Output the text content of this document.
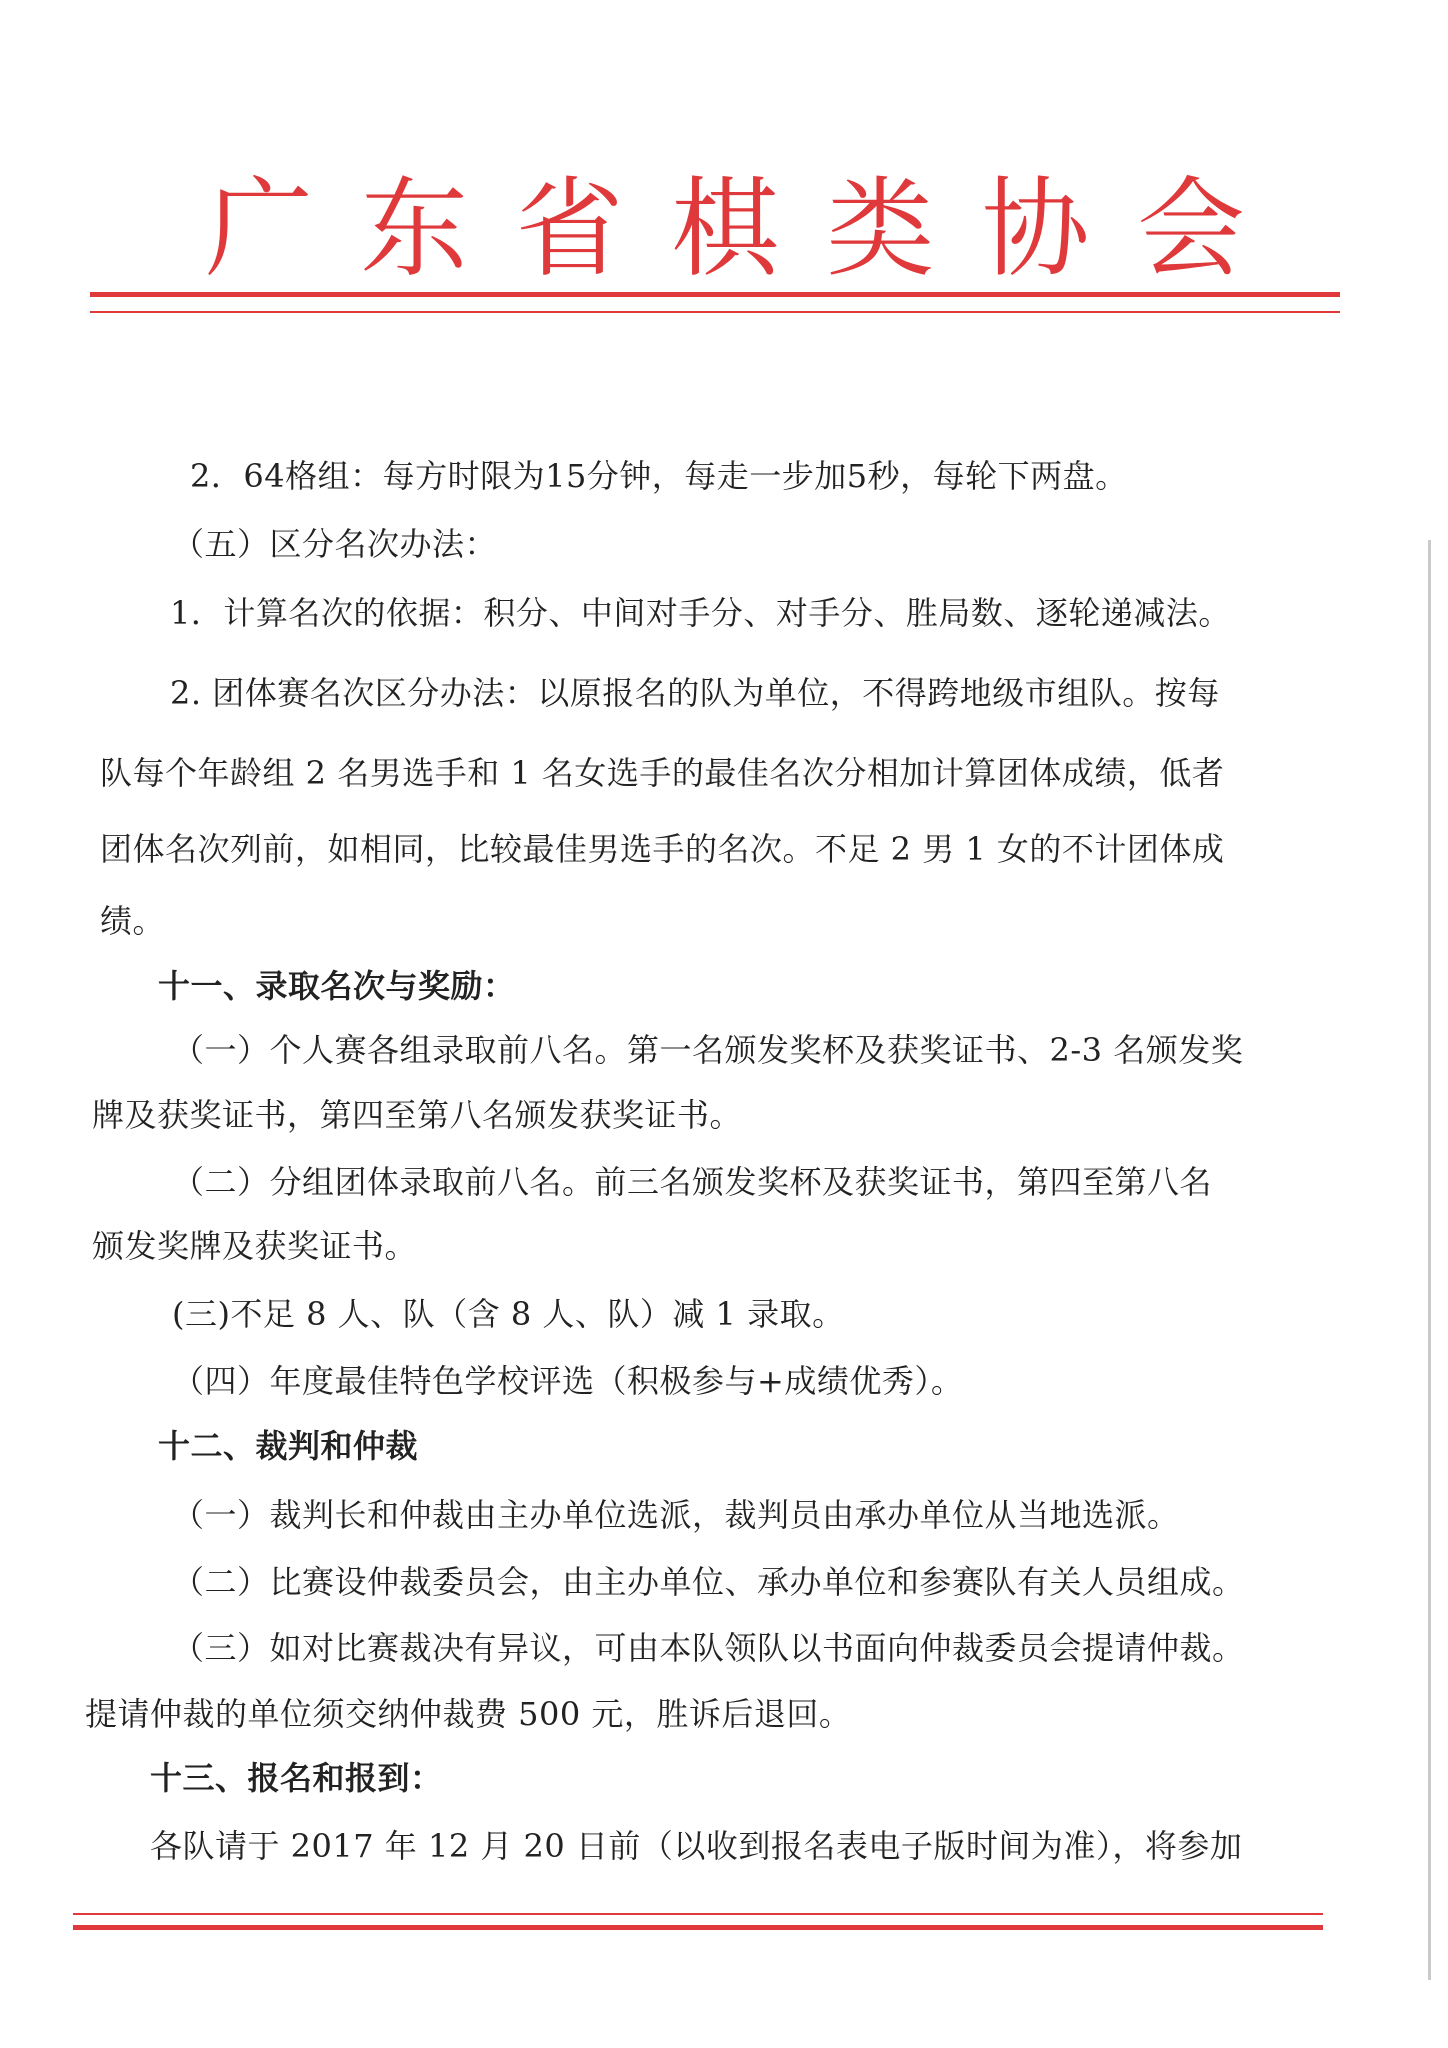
广 东 省 棋 类 协 会
2．64格组：每方时限为15分钟，每走一步加5秒，每轮下两盘。
（五）区分名次办法：
1．计算名次的依据：积分、中间对手分、对手分、胜局数、逐轮递减法。
2. 团体赛名次区分办法：以原报名的队为单位，不得跨地级市组队。按每
队每个年龄组 2 名男选手和 1 名女选手的最佳名次分相加计算团体成绩，低者
团体名次列前，如相同，比较最佳男选手的名次。不足 2 男 1 女的不计团体成
绩。
十一、录取名次与奖励：
（一）个人赛各组录取前八名。第一名颁发奖杯及获奖证书、2-3 名颁发奖
牌及获奖证书，第四至第八名颁发获奖证书。
（二）分组团体录取前八名。前三名颁发奖杯及获奖证书，第四至第八名
颁发奖牌及获奖证书。
(三)不足 8 人、队（含 8 人、队）减 1 录取。
（四）年度最佳特色学校评选（积极参与+成绩优秀）。
十二、裁判和仲裁
（一）裁判长和仲裁由主办单位选派，裁判员由承办单位从当地选派。
（二）比赛设仲裁委员会，由主办单位、承办单位和参赛队有关人员组成。
（三）如对比赛裁决有异议，可由本队领队以书面向仲裁委员会提请仲裁。
提请仲裁的单位须交纳仲裁费 500 元，胜诉后退回。
十三、报名和报到：
各队请于 2017 年 12 月 20 日前（以收到报名表电子版时间为准），将参加
